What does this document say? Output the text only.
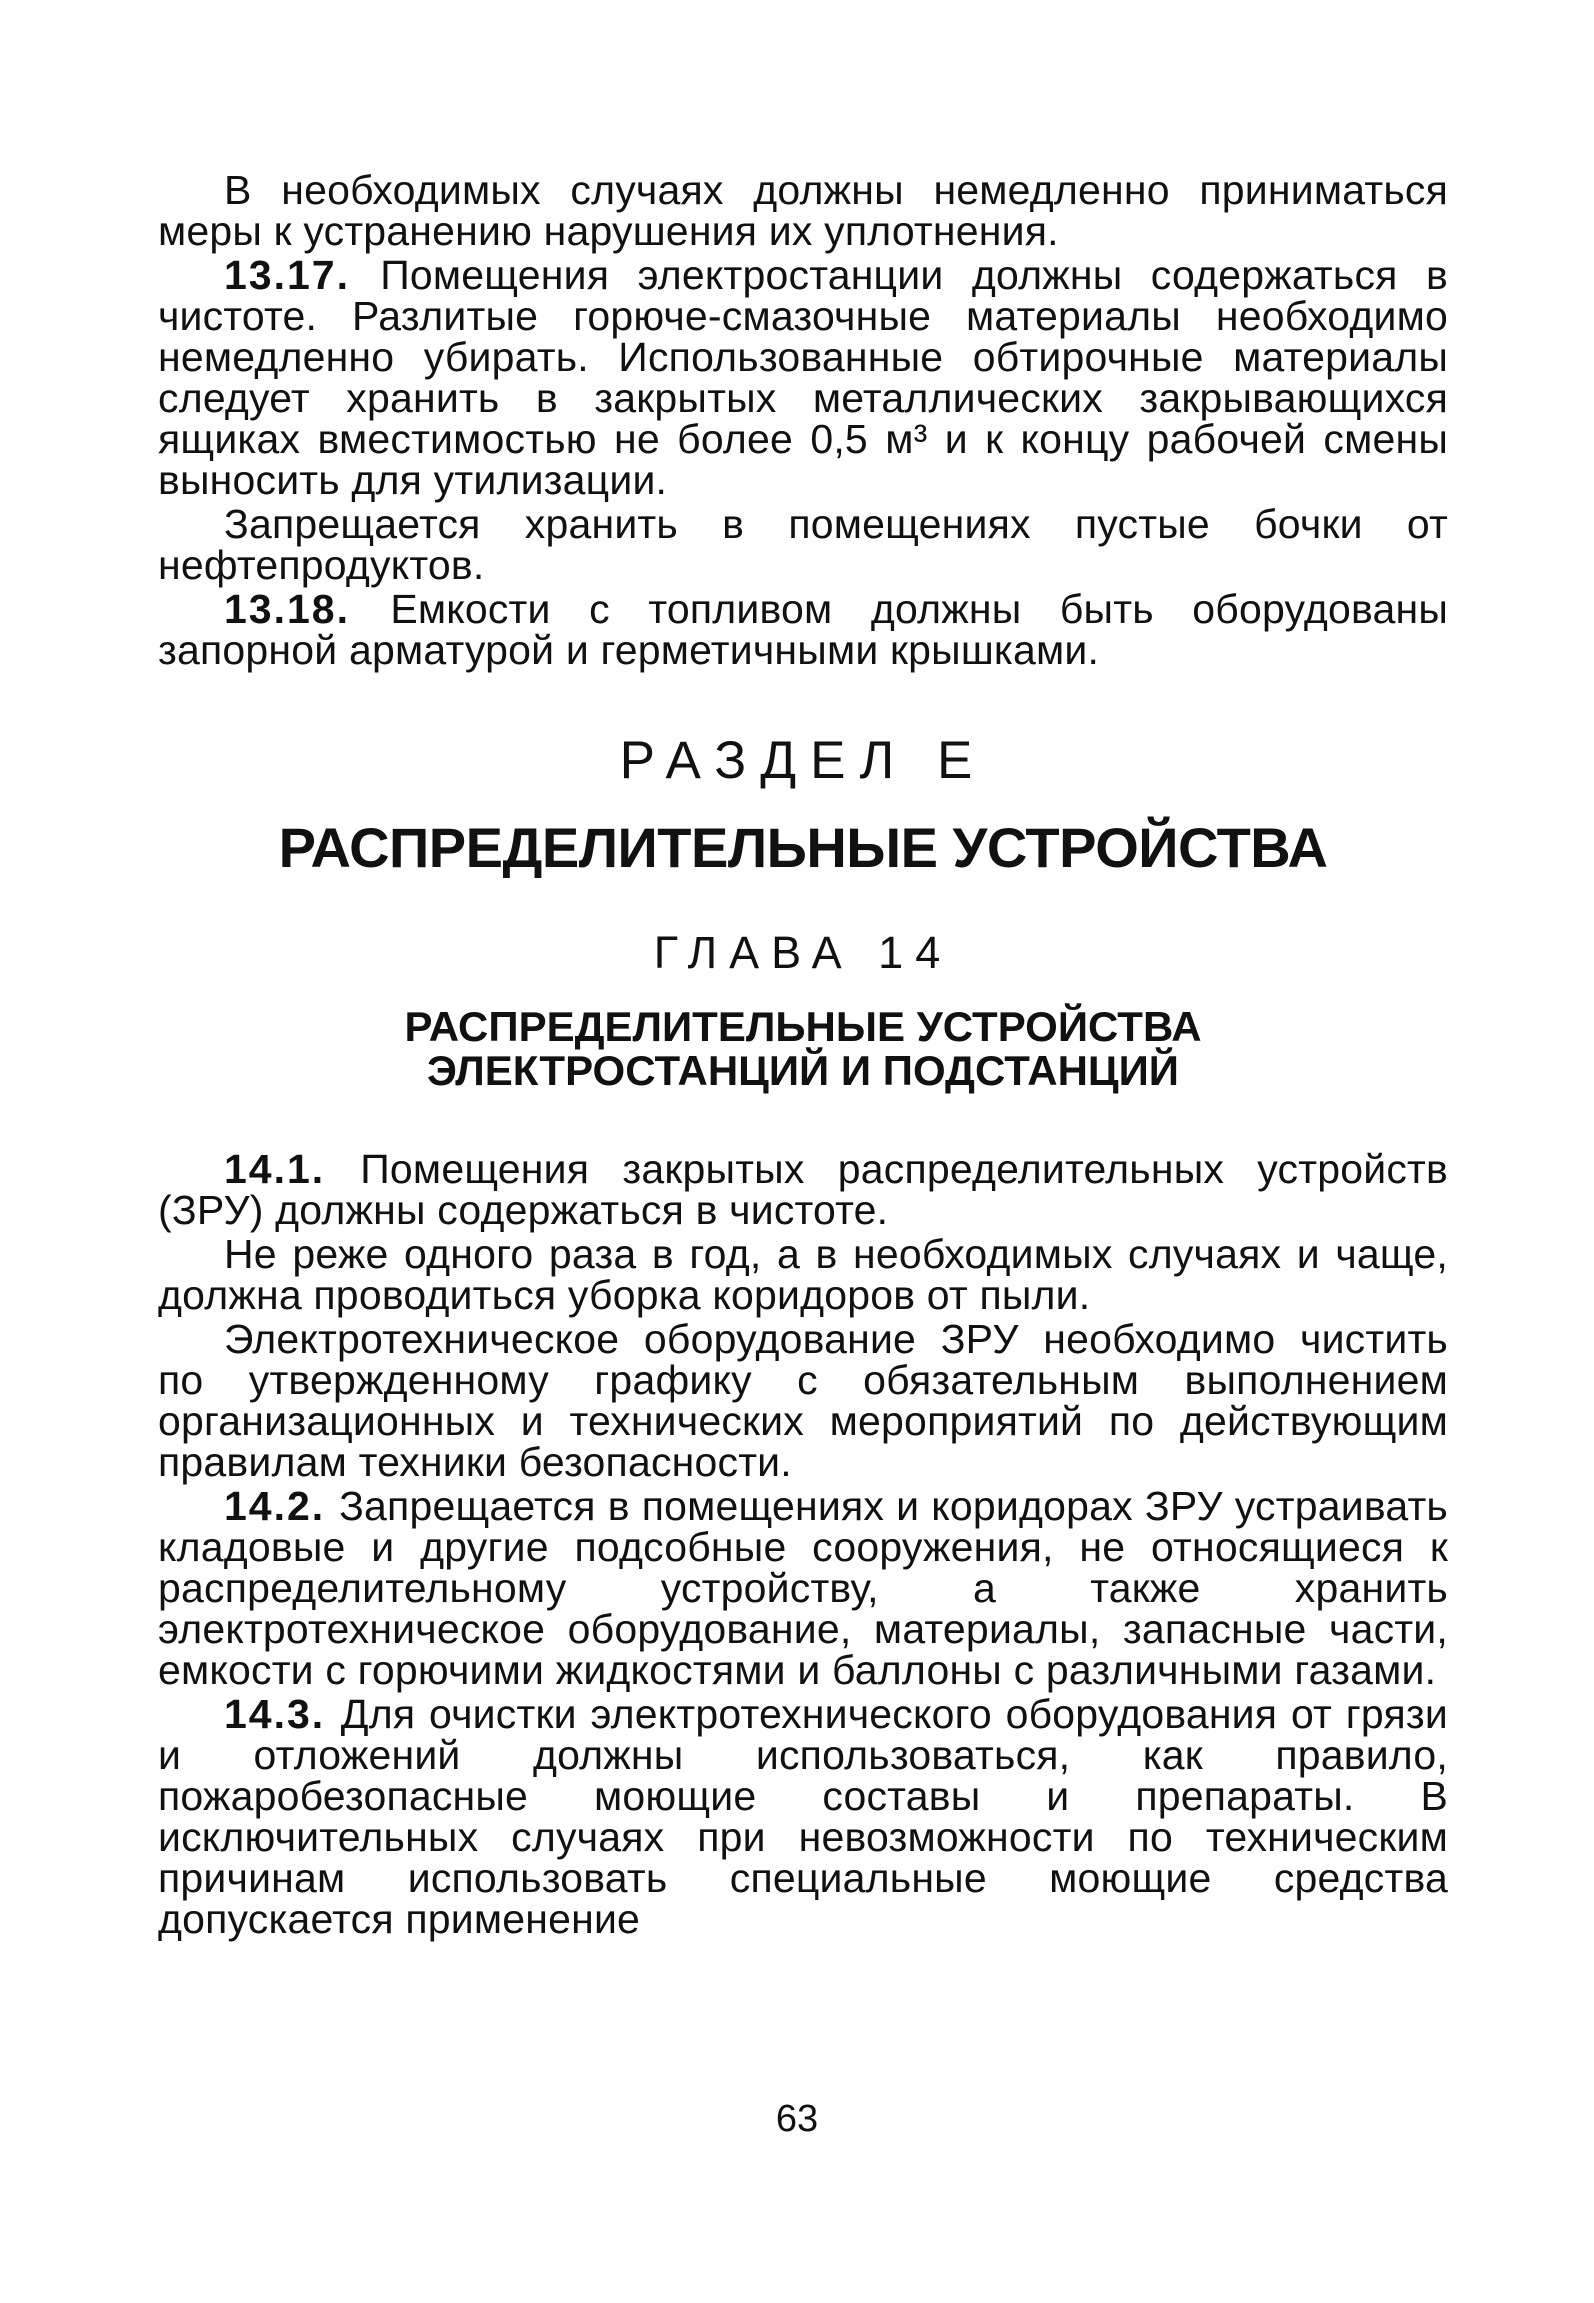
В необходимых случаях должны немедленно приниматься меры к устранению нарушения их уплотнения.

13.17. Помещения электростанции должны содержаться в чистоте. Разлитые горюче-смазочные материалы необходимо немедленно убирать. Использованные обтирочные материалы следует хранить в закрытых металлических закрывающихся ящиках вместимостью не более 0,5 м³ и к концу рабочей смены выносить для утилизации.

Запрещается хранить в помещениях пустые бочки от нефтепродуктов.

13.18. Емкости с топливом должны быть оборудованы запорной арматурой и герметичными крышками.

РАЗДЕЛ Е
РАСПРЕДЕЛИТЕЛЬНЫЕ УСТРОЙСТВА
ГЛАВА 14
РАСПРЕДЕЛИТЕЛЬНЫЕ УСТРОЙСТВА
ЭЛЕКТРОСТАНЦИЙ И ПОДСТАНЦИЙ

14.1. Помещения закрытых распределительных устройств (ЗРУ) должны содержаться в чистоте.

Не реже одного раза в год, а в необходимых случаях и чаще, должна проводиться уборка коридоров от пыли.

Электротехническое оборудование ЗРУ необходимо чистить по утвержденному графику с обязательным выполнением организационных и технических мероприятий по действующим правилам техники безопасности.

14.2. Запрещается в помещениях и коридорах ЗРУ устраивать кладовые и другие подсобные сооружения, не относящиеся к распределительному устройству, а также хранить электротехническое оборудование, материалы, запасные части, емкости с горючими жидкостями и баллоны с различными газами.

14.3. Для очистки электротехнического оборудования от грязи и отложений должны использоваться, как правило, пожаробезопасные моющие составы и препараты. В исключительных случаях при невозможности по техническим причинам использовать специальные моющие средства допускается применение

63
